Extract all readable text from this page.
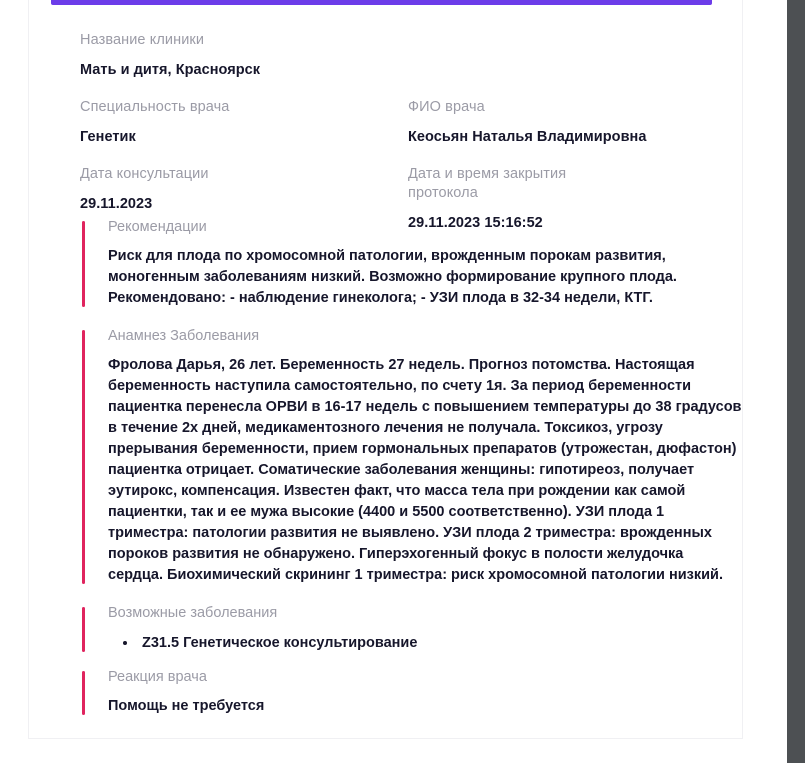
Название клиники
Мать и дитя, Красноярск
Специальность врача
Генетик
ФИО врача
Кеосьян Наталья Владимировна
Дата консультации
29.11.2023
Дата и время закрытия протокола
29.11.2023 15:16:52
Рекомендации

Риск для плода по хромосомной патологии, врожденным порокам развития, моногенным заболеваниям низкий. Возможно формирование крупного плода. Рекомендовано: - наблюдение гинеколога; - УЗИ плода в 32-34 недели, КТГ.

Анамнез Заболевания

Фролова Дарья, 26 лет. Беременность 27 недель. Прогноз потомства. Настоящая беременность наступила самостоятельно, по счету 1я. За период беременности пациентка перенесла ОРВИ в 16-17 недель с повышением температуры до 38 градусов в течение 2х дней, медикаментозного лечения не получала. Токсикоз, угрозу прерывания беременности, прием гормональных препаратов (утрожестан, дюфастон) пациентка отрицает. Соматические заболевания женщины: гипотиреоз, получает эутирокс, компенсация. Известен факт, что масса тела при рождении как самой пациентки, так и ее мужа высокие (4400 и 5500 соответственно). УЗИ плода 1 триместра: патологии развития не выявлено. УЗИ плода 2 триместра: врожденных пороков развития не обнаружено. Гиперэхогенный фокус в полости желудочка сердца. Биохимический скрининг 1 триместра: риск хромосомной патологии низкий.

Возможные заболевания
• Z31.5 Генетическое консультирование
Реакция врача

Помощь не требуется
